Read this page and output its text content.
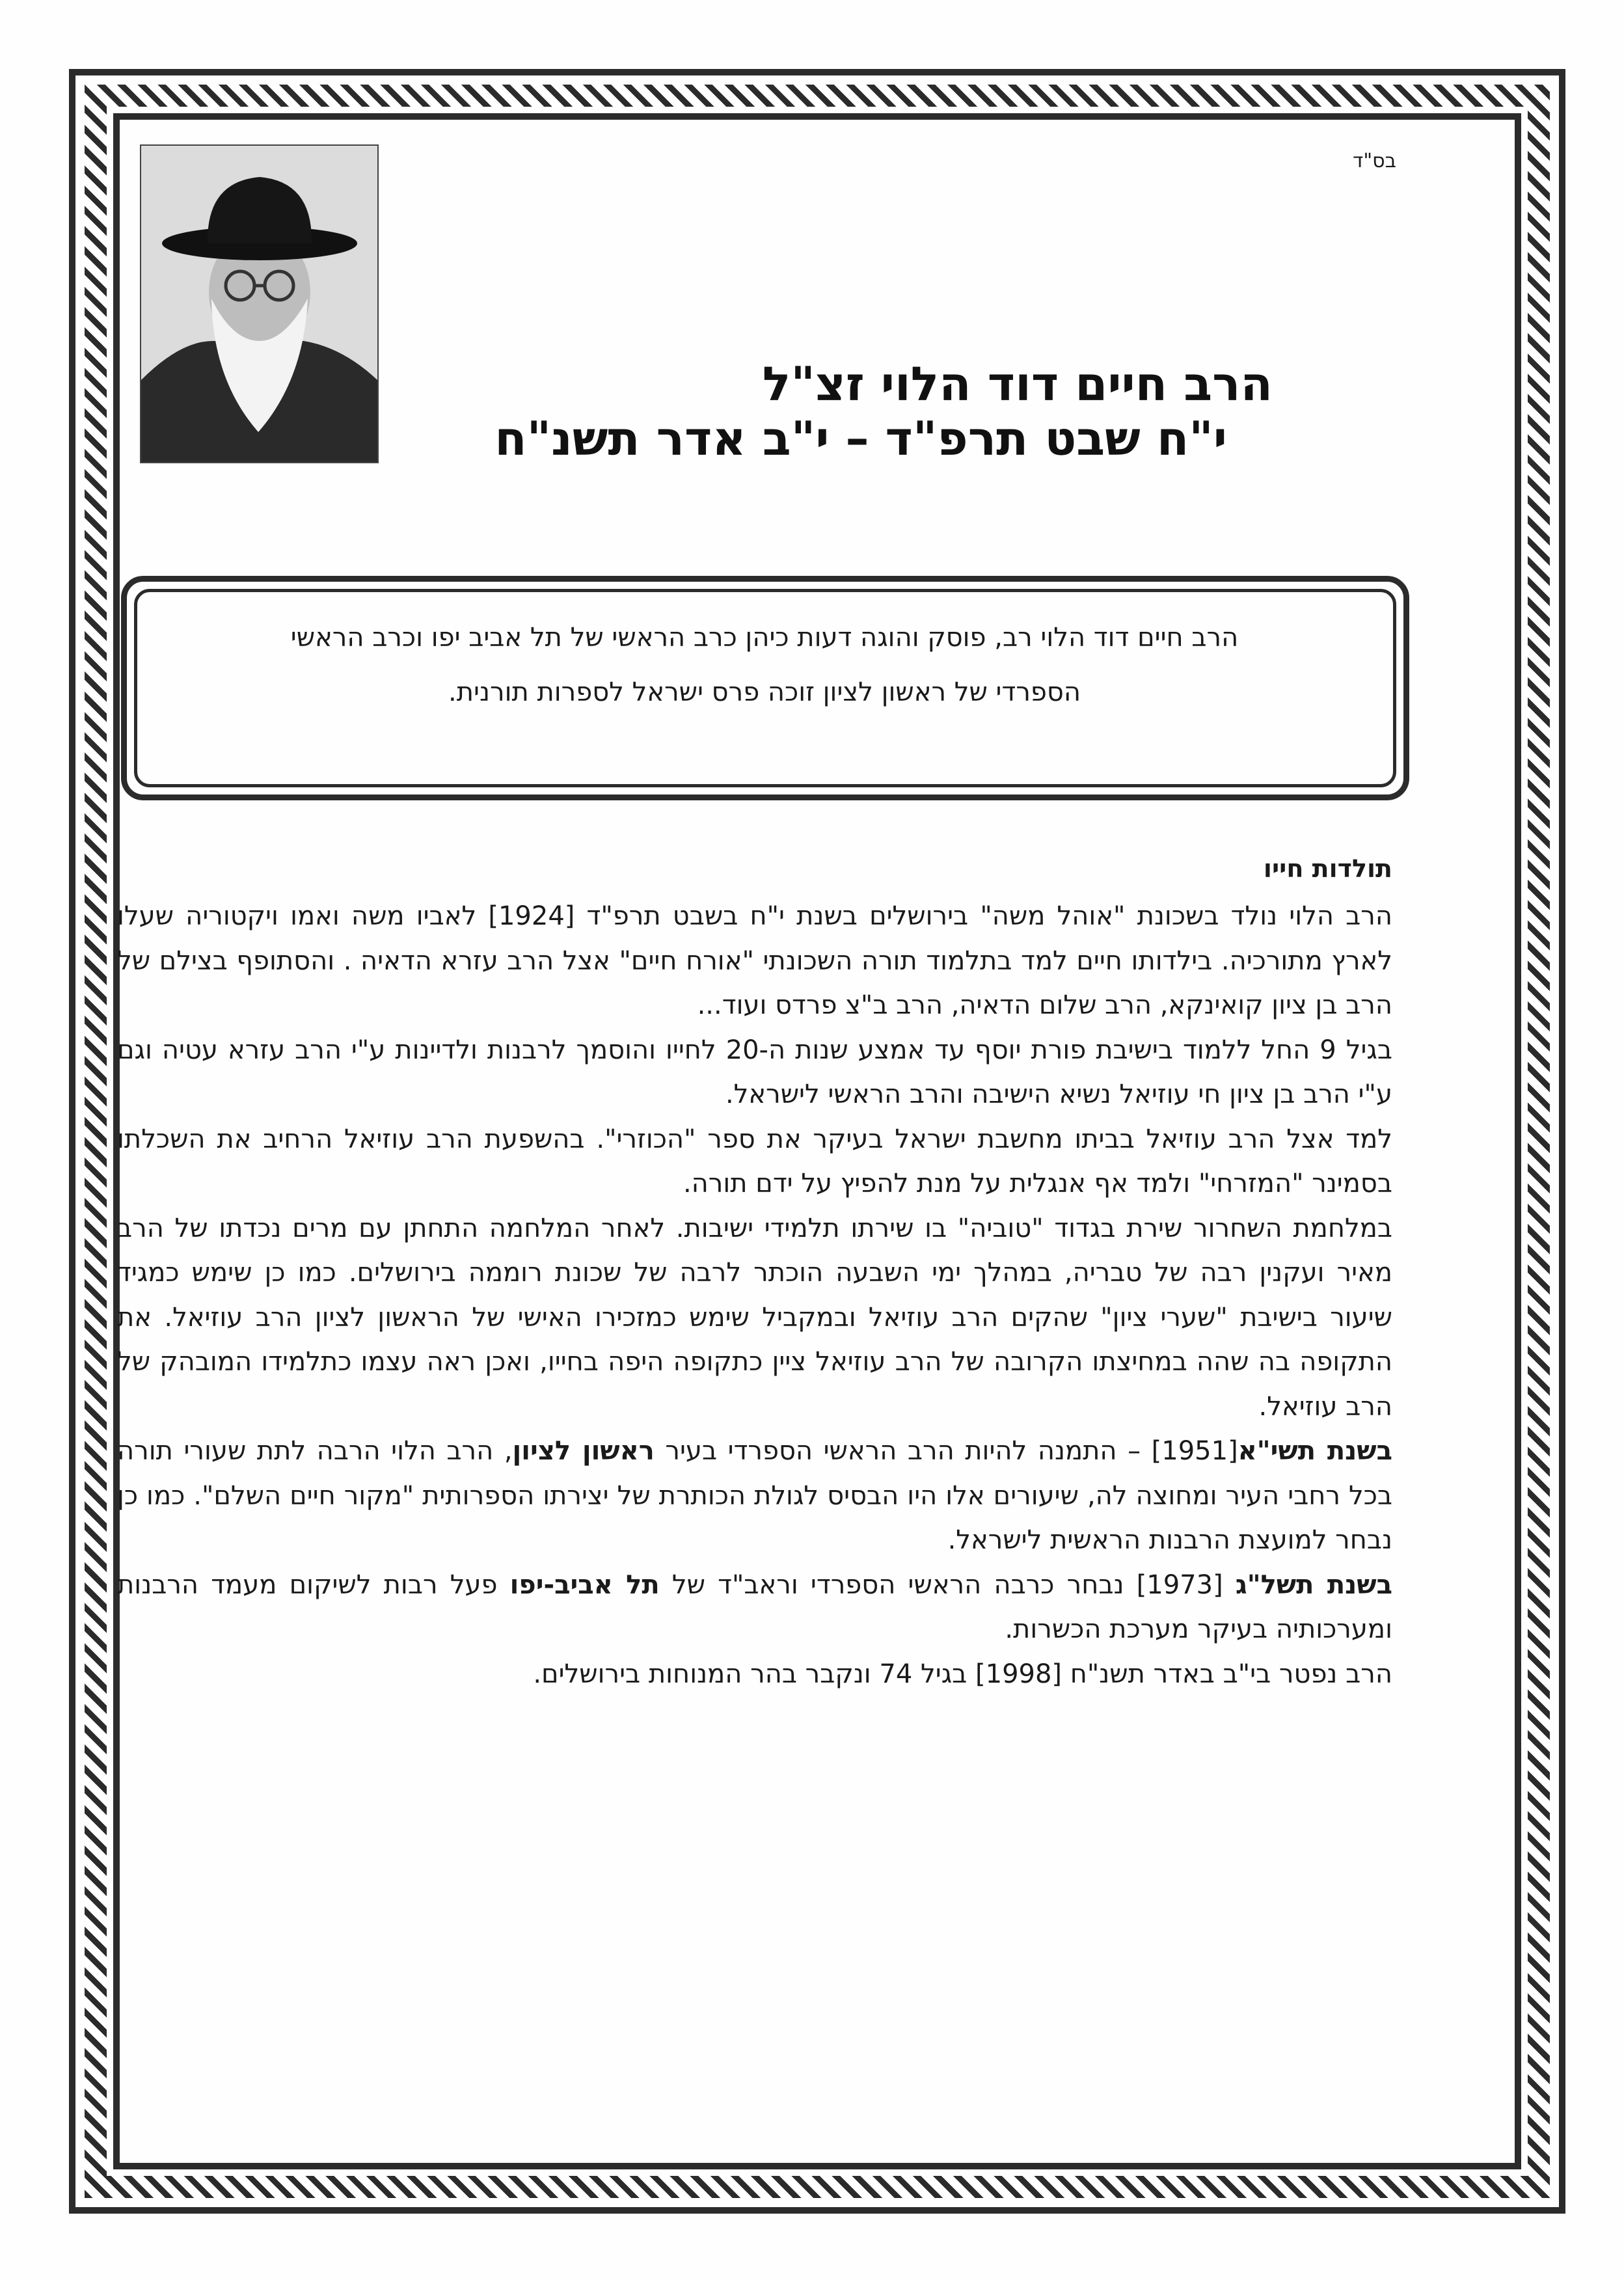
בס"ד
הרב חיים דוד הלוי זצ"ל
י"ח שבט תרפ"ד – י"ב אדר תשנ"ח
הרב חיים דוד הלוי רב, פוסק והוגה דעות כיהן כרב הראשי של תל אביב יפו וכרב הראשי
הספרדי של ראשון לציון זוכה פרס ישראל לספרות תורנית.

תולדות חייו

הרב הלוי נולד בשכונת "אוהל משה" בירושלים בשנת י"ח בשבט תרפ"ד [1924] לאביו משה ואמו ויקטוריה שעלו לארץ מתורכיה. בילדותו חיים למד בתלמוד תורה השכונתי "אורח חיים" אצל הרב עזרא הדאיה . והסתופף בצילם של הרב בן ציון קואינקא, הרב שלום הדאיה, הרב ב"צ פרדס ועוד...

בגיל 9 החל ללמוד בישיבת פורת יוסף עד אמצע שנות ה-20 לחייו והוסמך לרבנות ולדיינות ע"י הרב עזרא עטיה וגם ע"י הרב בן ציון חי עוזיאל נשיא הישיבה והרב הראשי לישראל.

למד אצל הרב עוזיאל בביתו מחשבת ישראל בעיקר את ספר "הכוזרי". בהשפעת הרב עוזיאל הרחיב את השכלתו בסמינר "המזרחי" ולמד אף אנגלית על מנת להפיץ על ידם תורה.

במלחמת השחרור שירת בגדוד "טוביה" בו שירתו תלמידי ישיבות. לאחר המלחמה התחתן עם מרים נכדתו של הרב מאיר ועקנין רבה של טבריה, במהלך ימי השבעה הוכתר לרבה של שכונת רוממה בירושלים. כמו כן שימש כמגיד שיעור בישיבת "שערי ציון" שהקים הרב עוזיאל ובמקביל שימש כמזכירו האישי של הראשון לציון הרב עוזיאל. את התקופה בה שהה במחיצתו הקרובה של הרב עוזיאל ציין כתקופה היפה בחייו, ואכן ראה עצמו כתלמידו המובהק של הרב עוזיאל.

בשנת תשי"א[1951] – התמנה להיות הרב הראשי הספרדי בעיר ראשון לציון, הרב הלוי הרבה לתת שעורי תורה בכל רחבי העיר ומחוצה לה, שיעורים אלו היו הבסיס לגולת הכותרת של יצירתו הספרותית "מקור חיים השלם". כמו כן נבחר למועצת הרבנות הראשית לישראל.

בשנת תשל"ג [1973] נבחר כרבה הראשי הספרדי וראב"ד של תל אביב-יפו פעל רבות לשיקום מעמד הרבנות ומערכותיה בעיקר מערכת הכשרות.

הרב נפטר בי"ב באדר תשנ"ח [1998] בגיל 74 ונקבר בהר המנוחות בירושלים.
